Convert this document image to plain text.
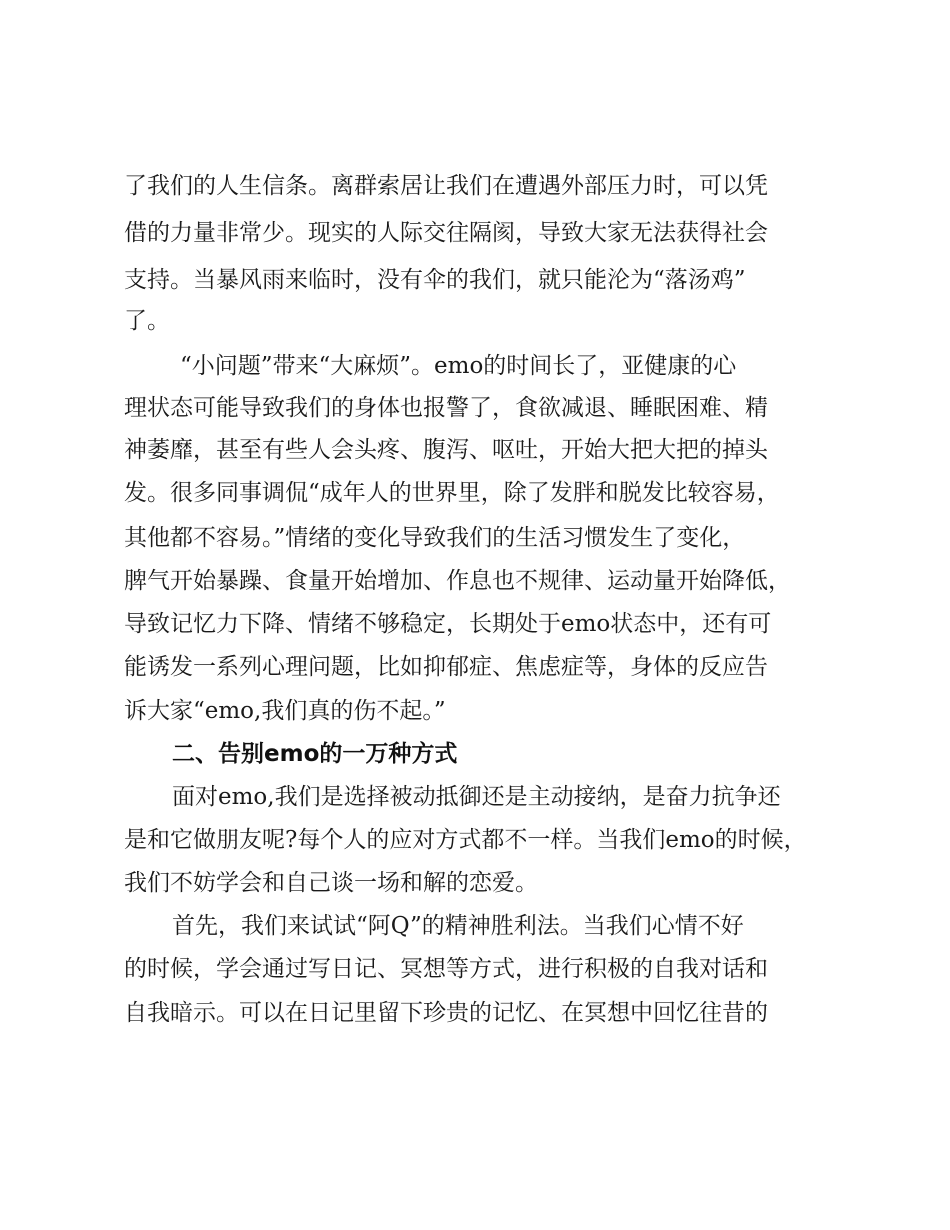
了我们的人生信条。离群索居让我们在遭遇外部压力时，可以凭
借的力量非常少。现实的人际交往隔阂，导致大家无法获得社会
支持。当暴风雨来临时，没有伞的我们，就只能沦为“落汤鸡”
了。
“小问题”带来“大麻烦”。emo的时间长了，亚健康的心
理状态可能导致我们的身体也报警了，食欲减退、睡眠困难、精
神萎靡，甚至有些人会头疼、腹泻、呕吐，开始大把大把的掉头
发。很多同事调侃“成年人的世界里，除了发胖和脱发比较容易，
其他都不容易。”情绪的变化导致我们的生活习惯发生了变化，
脾气开始暴躁、食量开始增加、作息也不规律、运动量开始降低，
导致记忆力下降、情绪不够稳定，长期处于emo状态中，还有可
能诱发一系列心理问题，比如抑郁症、焦虑症等，身体的反应告
诉大家“emo,我们真的伤不起。”
二、告别emo的一万种方式
面对emo,我们是选择被动抵御还是主动接纳，是奋力抗争还
是和它做朋友呢?每个人的应对方式都不一样。当我们emo的时候，
我们不妨学会和自己谈一场和解的恋爱。
首先，我们来试试“阿Q”的精神胜利法。当我们心情不好
的时候，学会通过写日记、冥想等方式，进行积极的自我对话和
自我暗示。可以在日记里留下珍贵的记忆、在冥想中回忆往昔的
